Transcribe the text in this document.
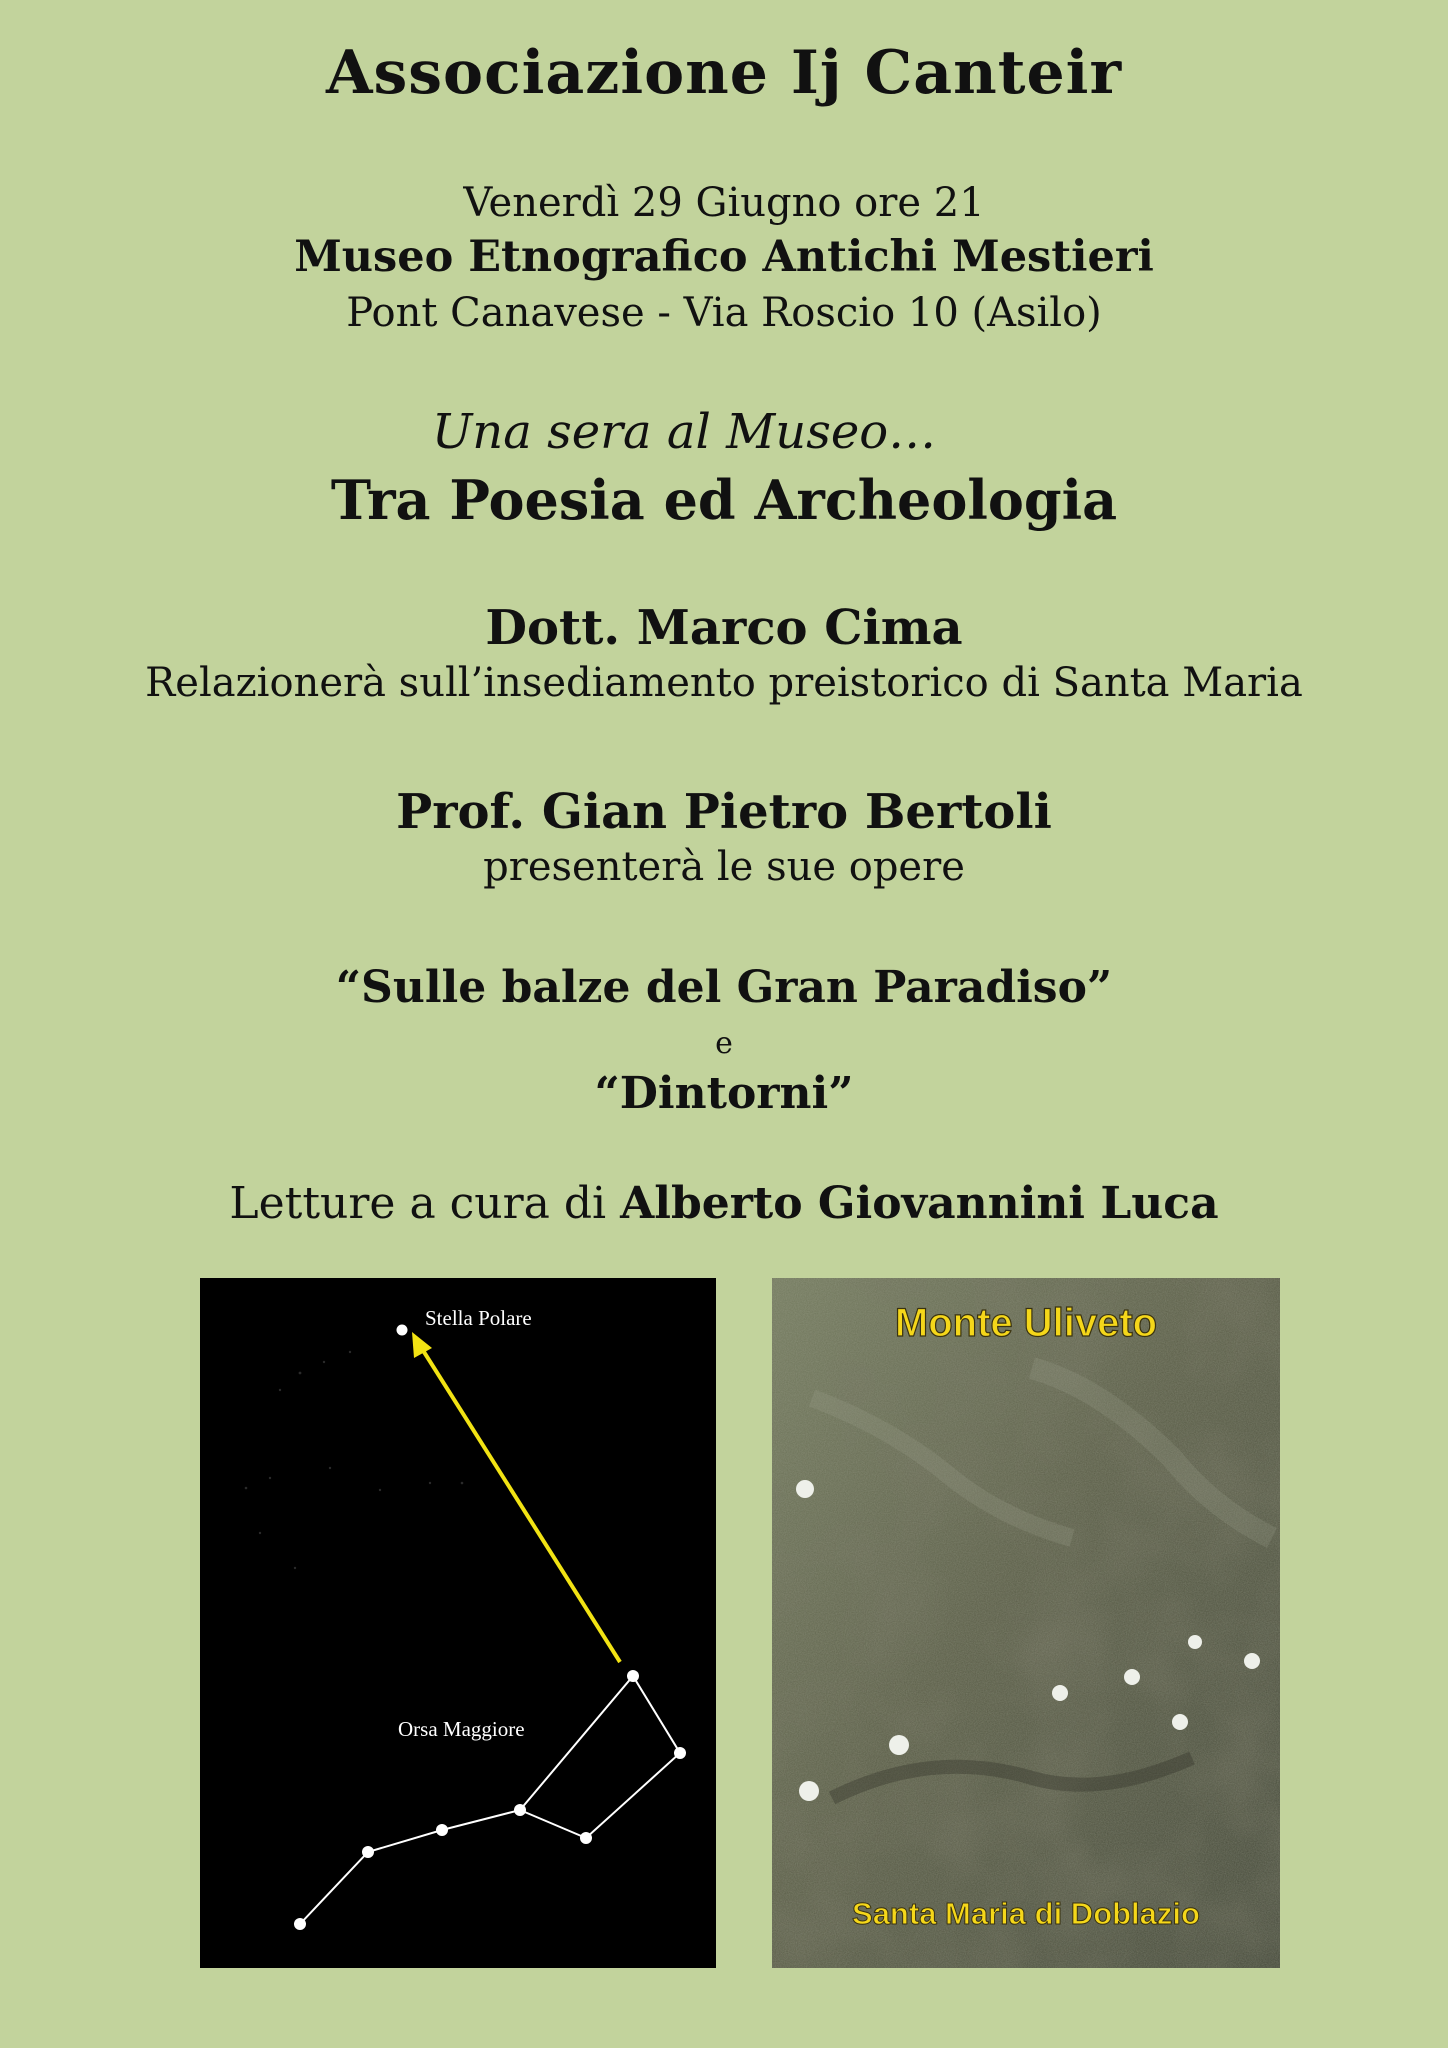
Associazione Ij Canteir
Venerdì 29 Giugno ore 21
Museo Etnografico Antichi Mestieri
Pont Canavese - Via Roscio 10 (Asilo)
Una sera al Museo…
Tra Poesia ed Archeologia
Dott. Marco Cima
Relazionerà sull’insediamento preistorico di Santa Maria
Prof. Gian Pietro Bertoli
presenterà le sue opere
“Sulle balze del Gran Paradiso”
e
“Dintorni”
Letture a cura di Alberto Giovannini Luca
Stella Polare
Orsa Maggiore
Monte Uliveto
Santa Maria di Doblazio
